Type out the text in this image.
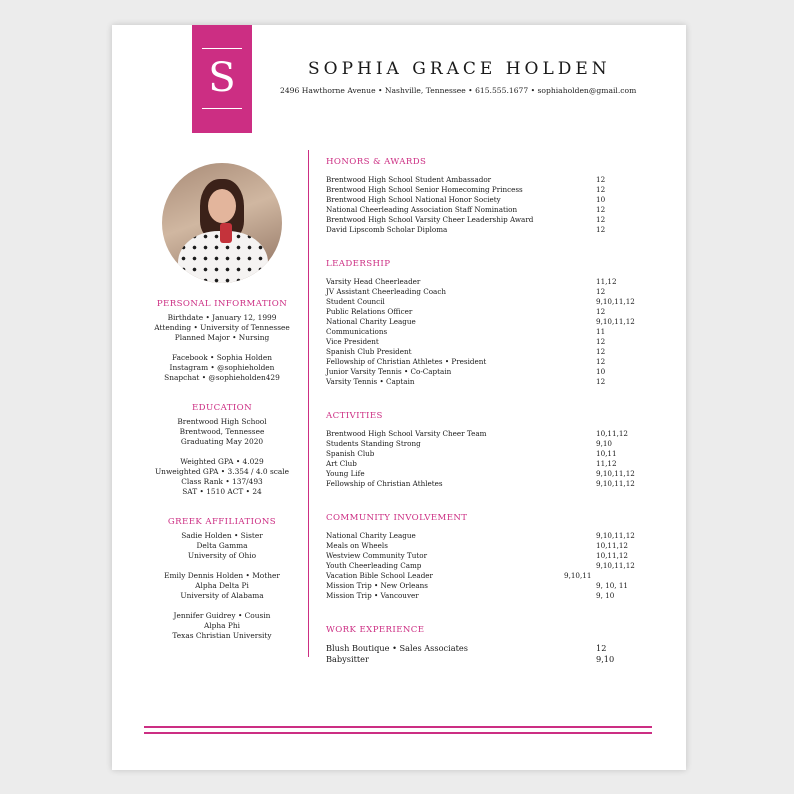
S	SOPHIA GRACE HOLDEN
2496 Hawthorne Avenue • Nashville, Tennessee • 615.555.1677 • sophiaholden@gmail.com
PERSONAL INFORMATION
Birthdate • January 12, 1999
Attending • University of Tennessee
Planned Major • Nursing
Facebook • Sophia Holden
Instagram • @sophieholden
Snapchat • @sophieholden429
EDUCATION
Brentwood High School
Brentwood, Tennessee
Graduating May 2020
Weighted GPA • 4.029
Unweighted GPA • 3.354 / 4.0 scale
Class Rank • 137/493
SAT • 1510 ACT • 24
GREEK AFFILIATIONS
Sadie Holden • Sister
Delta Gamma
University of Ohio
Emily Dennis Holden • Mother
Alpha Delta Pi
University of Alabama
Jennifer Guidrey • Cousin
Alpha Phi
Texas Christian University
HONORS & AWARDS
Brentwood High School Student Ambassador	12
Brentwood High School Senior Homecoming Princess	12
Brentwood High School National Honor Society	10
National Cheerleading Association Staff Nomination	12
Brentwood High School Varsity Cheer Leadership Award	12
David Lipscomb Scholar Diploma	12
LEADERSHIP
Varsity Head Cheerleader	11,12
JV Assistant Cheerleading Coach	12
Student Council	9,10,11,12
Public Relations Officer	12
National Charity League	9,10,11,12
Communications	11
Vice President	12
Spanish Club President	12
Fellowship of Christian Athletes • President	12
Junior Varsity Tennis • Co-Captain	10
Varsity Tennis • Captain	12
ACTIVITIES
Brentwood High School Varsity Cheer Team	10,11,12
Students Standing Strong	9,10
Spanish Club	10,11
Art Club	11,12
Young Life	9,10,11,12
Fellowship of Christian Athletes	9,10,11,12
COMMUNITY INVOLVEMENT
National Charity League	9,10,11,12
Meals on Wheels	10,11,12
Westview Community Tutor	10,11,12
Youth Cheerleading Camp	9,10,11,12
Vacation Bible School Leader	9,10,11
Mission Trip • New Orleans	9, 10, 11
Mission Trip • Vancouver	9, 10
WORK EXPERIENCE
Blush Boutique • Sales Associates	12
Babysitter	9,10
